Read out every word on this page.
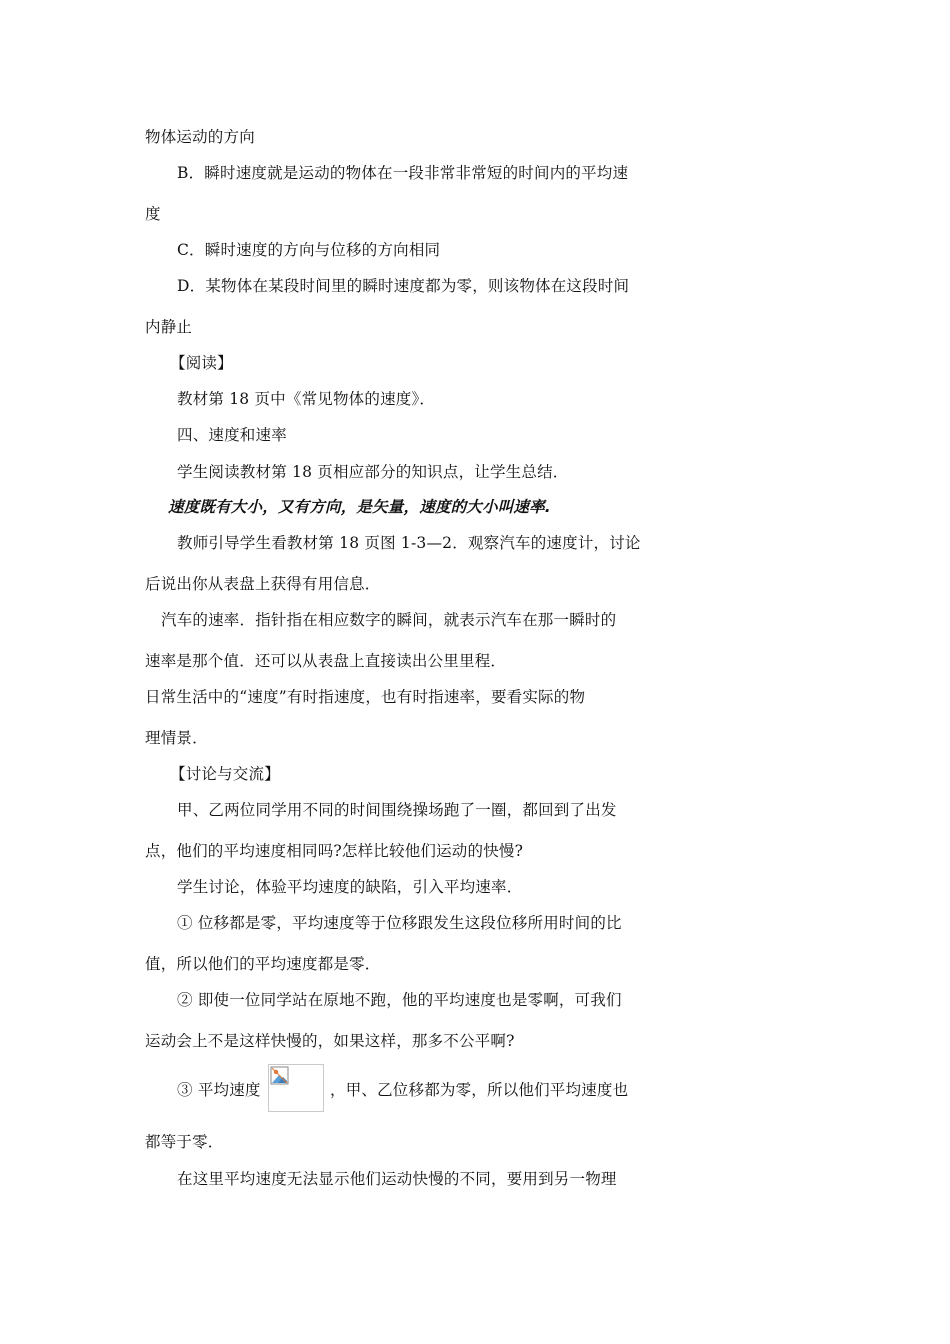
物体运动的方向
B．瞬时速度就是运动的物体在一段非常非常短的时间内的平均速
度
C．瞬时速度的方向与位移的方向相同
D．某物体在某段时间里的瞬时速度都为零，则该物体在这段时间
内静止
【阅读】
教材第 18 页中《常见物体的速度》．
四、速度和速率
学生阅读教材第 18 页相应部分的知识点，让学生总结．
速度既有大小，又有方向，是矢量，速度的大小叫速率.
教师引导学生看教材第 18 页图 1-3—2．观察汽车的速度计，讨论
后说出你从表盘上获得有用信息．
汽车的速率．指针指在相应数字的瞬间，就表示汽车在那一瞬时的
速率是那个值．还可以从表盘上直接读出公里里程．
日常生活中的“速度”有时指速度，也有时指速率，要看实际的物
理情景．
【讨论与交流】
甲、乙两位同学用不同的时间围绕操场跑了一圈，都回到了出发
点，他们的平均速度相同吗?怎样比较他们运动的快慢?
学生讨论，体验平均速度的缺陷，引入平均速率．
① 位移都是零，平均速度等于位移跟发生这段位移所用时间的比
值，所以他们的平均速度都是零．
② 即使一位同学站在原地不跑，他的平均速度也是零啊，可我们
运动会上不是这样快慢的，如果这样，那多不公平啊?
③ 平均速度	，甲、乙位移都为零，所以他们平均速度也
都等于零．
在这里平均速度无法显示他们运动快慢的不同，要用到另一物理
